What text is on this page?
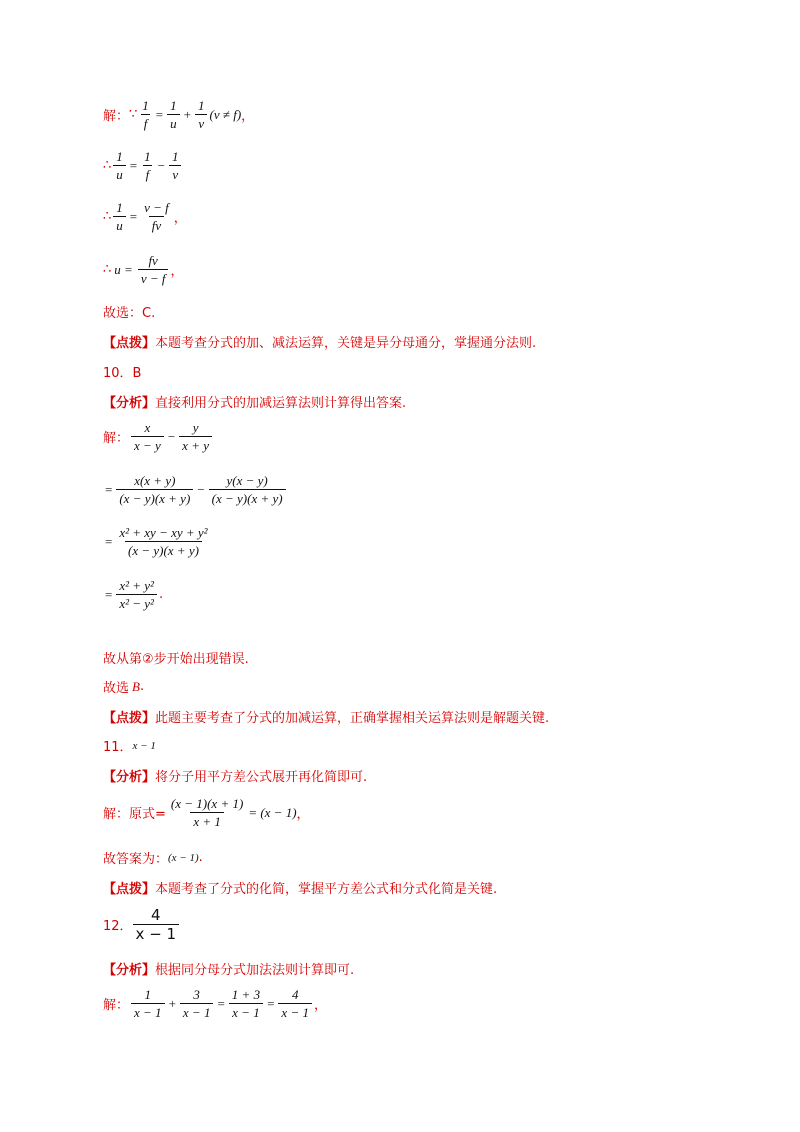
解： ∵ $\frac{1}{f} = \frac{1}{u} + \frac{1}{v} (v \ne f)$ ，
∴ $\frac{1}{u} = \frac{1}{f} - \frac{1}{v}$
∴ $\frac{1}{u} = \frac{v - f}{fv}$ ，
∴ $u = \frac{fv}{v - f}$ ，
故选：C.
【点拨】 本题考查分式的加、减法运算，关键是异分母通分，掌握通分法则.
10．B
【分析】 直接利用分式的加减运算法则计算得出答案.
解： $\frac{x}{x - y} - \frac{y}{x + y}$
= $\frac{x(x + y)}{(x - y)(x + y)} - \frac{y(x - y)}{(x - y)(x + y)}$
= $\frac{\text{x² + xy − xy + y²}}{(x - y)(x + y)}$
= $\frac{\text{x² + y²}}{\text{x² − y²}}$ .
故从第②步开始出现错误.
故选 B .
【点拨】 此题主要考查了分式的加减运算，正确掌握相关运算法则是解题关键.
11． x − 1
【分析】 将分子用平方差公式展开再化简即可.
解：原式= $\frac{(x - 1)(x + 1)}{x + 1} = (x - 1)$ ，
故答案为： (x − 1) .
【点拨】 本题考查了分式的化简，掌握平方差公式和分式化简是关键.
12． $\frac{4}{x - 1}$
【分析】 根据同分母分式加法法则计算即可.
解： $\frac{1}{x - 1} + \frac{3}{x - 1} = \frac{1 + 3}{x - 1} = \frac{4}{x - 1}$ ，
